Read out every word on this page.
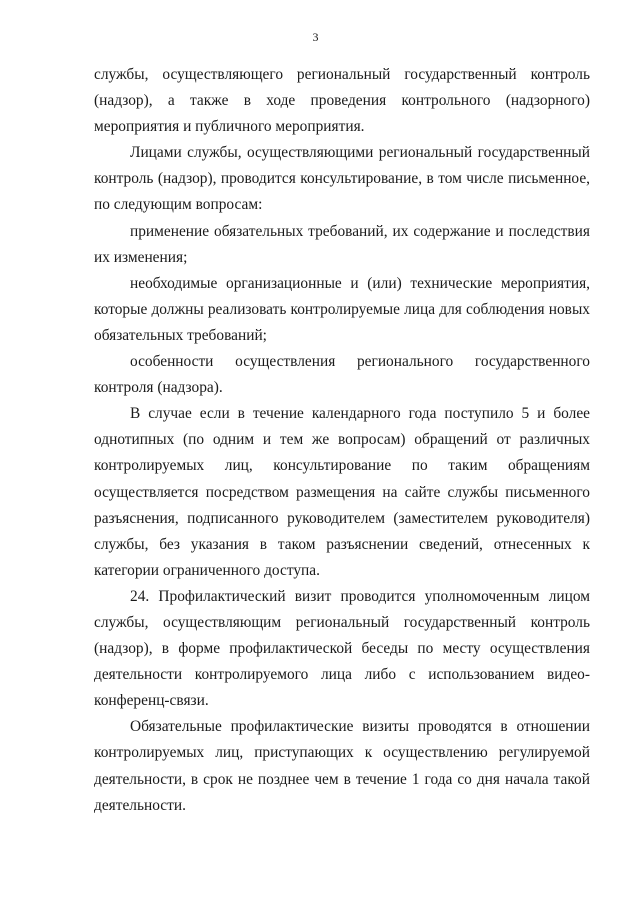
3

службы, осуществляющего региональный государственный контроль (надзор), а также в ходе проведения контрольного (надзорного) мероприятия и публичного мероприятия.

Лицами службы, осуществляющими региональный государственный контроль (надзор), проводится консультирование, в том числе письменное, по следующим вопросам:

применение обязательных требований, их содержание и последствия их изменения;

необходимые организационные и (или) технические мероприятия, которые должны реализовать контролируемые лица для соблюдения новых обязательных требований;

особенности осуществления регионального государственного контроля (надзора).

В случае если в течение календарного года поступило 5 и более однотипных (по одним и тем же вопросам) обращений от различных контролируемых лиц, консультирование по таким обращениям осуществляется посредством размещения на сайте службы письменного разъяснения, подписанного руководителем (заместителем руководителя) службы, без указания в таком разъяснении сведений, отнесенных к категории ограниченного доступа.

24. Профилактический визит проводится уполномоченным лицом службы, осуществляющим региональный государственный контроль (надзор), в форме профилактической беседы по месту осуществления деятельности контролируемого лица либо с использованием видео-конференц-связи.

Обязательные профилактические визиты проводятся в отношении контролируемых лиц, приступающих к осуществлению регулируемой деятельности, в срок не позднее чем в течение 1 года со дня начала такой деятельности.
